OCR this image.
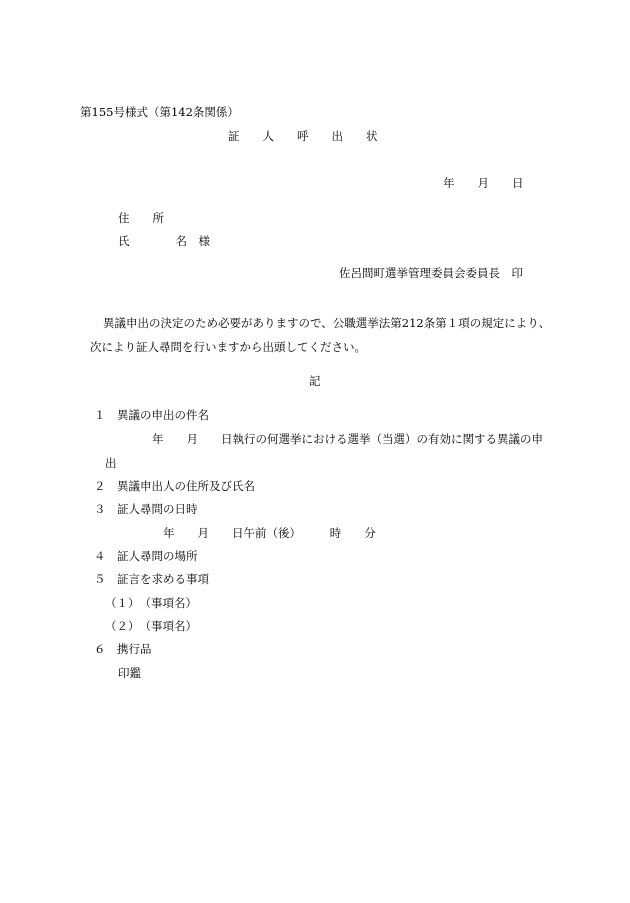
第155号様式（第142条関係）
証　　人　　呼　　出　　状
年　　月　　日
住　　所
氏　　　　名　様
佐呂間町選挙管理委員会委員長　印
異議申出の決定のため必要がありますので、公職選挙法第212条第１項の規定により、
次により証人尋問を行いますから出頭してください。
記
１　異議の申出の件名
年　　月　　日執行の何選挙における選挙（当選）の有効に関する異議の申
出
２　異議申出人の住所及び氏名
３　証人尋問の日時
年　　月　　日午前（後）　　　時　　分
４　証人尋問の場所
５　証言を求める事項
（１）　（事項名）
（２）　（事項名）
６　携行品
印鑑
